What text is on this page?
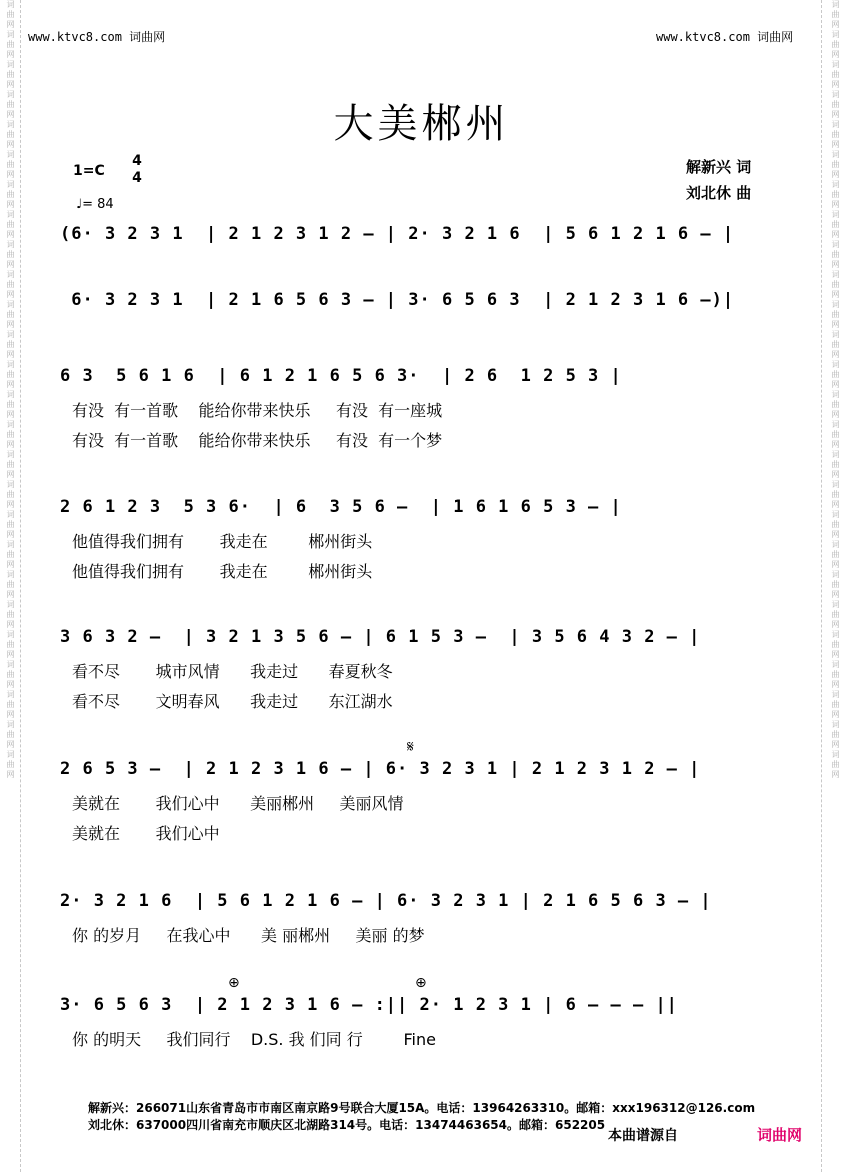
词曲网词曲网词曲网词曲网词曲网词曲网词曲网词曲网词曲网词曲网词曲网词曲网词曲网词曲网词曲网词曲网词曲网词曲网词曲网词曲网词曲网词曲网词曲网词曲网词曲网词曲网	词曲网词曲网词曲网词曲网词曲网词曲网词曲网词曲网词曲网词曲网词曲网词曲网词曲网词曲网词曲网词曲网词曲网词曲网词曲网词曲网词曲网词曲网词曲网词曲网词曲网词曲网
www.ktvc8.com 词曲网	www.ktvc8.com 词曲网
大美郴州
1=C
4
4
♩= 84
解新兴 词
刘北休 曲
(6· 3 2 3 1  | 2 1 2 3 1 2 — | 2· 3 2 1 6  | 5 6 1 2 1 6 — |
6· 3 2 3 1  | 2 1 6 5 6 3 — | 3· 6 5 6 3  | 2 1 2 3 1 6 —)|
6 3  5 6 1 6  | 6 1 2 1 6 5 6 3·  | 2 6  1 2 5 3 |
有没  有一首歌    能给你带来快乐     有没  有一座城
有没  有一首歌    能给你带来快乐     有没  有一个梦
2 6 1 2 3  5 3 6·  | 6  3 5 6 —  | 1 6 1 6 5 3 — |
他值得我们拥有       我走在        郴州街头
他值得我们拥有       我走在        郴州街头
3 6 3 2 —  | 3 2 1 3 5 6 — | 6 1 5 3 —  | 3 5 6 4 3 2 — |
看不尽       城市风情      我走过      春夏秋冬
看不尽       文明春风      我走过      东江湖水
𝄋
2 6 5 3 —  | 2 1 2 3 1 6 — | 6· 3 2 3 1 | 2 1 2 3 1 2 — |
美就在       我们心中      美丽郴州     美丽风情
美就在       我们心中
2· 3 2 1 6  | 5 6 1 2 1 6 — | 6· 3 2 3 1 | 2 1 6 5 6 3 — |
你 的岁月     在我心中      美 丽郴州     美丽 的梦
⊕	⊕
3· 6 5 6 3  | 2 1 2 3 1 6 — :|| 2· 1 2 3 1 | 6 — — — ||
你 的明天     我们同行    D.S. 我 们同 行        Fine
解新兴：266071山东省青岛市市南区南京路9号联合大厦15A。电话：13964263310。邮箱：xxx196312@126.com
刘北休：637000四川省南充市顺庆区北湖路314号。电话：13474463654。邮箱：652205
本曲谱源自	词曲网
